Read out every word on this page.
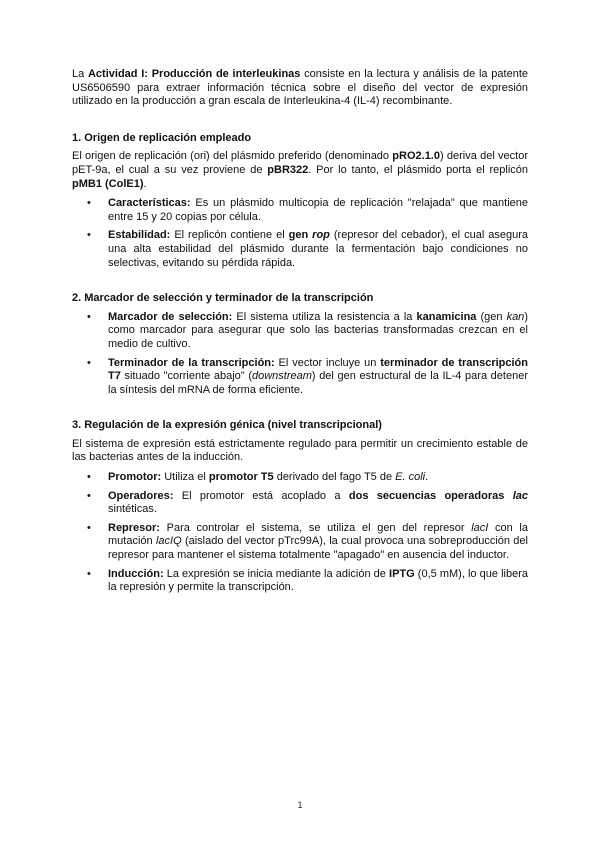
La Actividad I: Producción de interleukinas consiste en la lectura y análisis de la patente US6506590 para extraer información técnica sobre el diseño del vector de expresión utilizado en la producción a gran escala de Interleukina-4 (IL-4) recombinante.

1. Origen de replicación empleado

El origen de replicación (ori) del plásmido preferido (denominado pRO2.1.0) deriva del vector pET-9a, el cual a su vez proviene de pBR322. Por lo tanto, el plásmido porta el replicón pMB1 (ColE1).

• Características: Es un plásmido multicopia de replicación "relajada" que mantiene entre 15 y 20 copias por célula.
• Estabilidad: El replicón contiene el gen rop (represor del cebador), el cual asegura una alta estabilidad del plásmido durante la fermentación bajo condiciones no selectivas, evitando su pérdida rápida.
2. Marcador de selección y terminador de la transcripción
• Marcador de selección: El sistema utiliza la resistencia a la kanamicina (gen kan) como marcador para asegurar que solo las bacterias transformadas crezcan en el medio de cultivo.
• Terminador de la transcripción: El vector incluye un terminador de transcripción T7 situado "corriente abajo" (downstream) del gen estructural de la IL-4 para detener la síntesis del mRNA de forma eficiente.
3. Regulación de la expresión génica (nivel transcripcional)

El sistema de expresión está estrictamente regulado para permitir un crecimiento estable de las bacterias antes de la inducción.

• Promotor: Utiliza el promotor T5 derivado del fago T5 de E. coli.
• Operadores: El promotor está acoplado a dos secuencias operadoras lac sintéticas.
• Represor: Para controlar el sistema, se utiliza el gen del represor lacI con la mutación lacIQ (aislado del vector pTrc99A), la cual provoca una sobreproducción del represor para mantener el sistema totalmente "apagado" en ausencia del inductor.
• Inducción: La expresión se inicia mediante la adición de IPTG (0,5 mM), lo que libera la represión y permite la transcripción.
1
